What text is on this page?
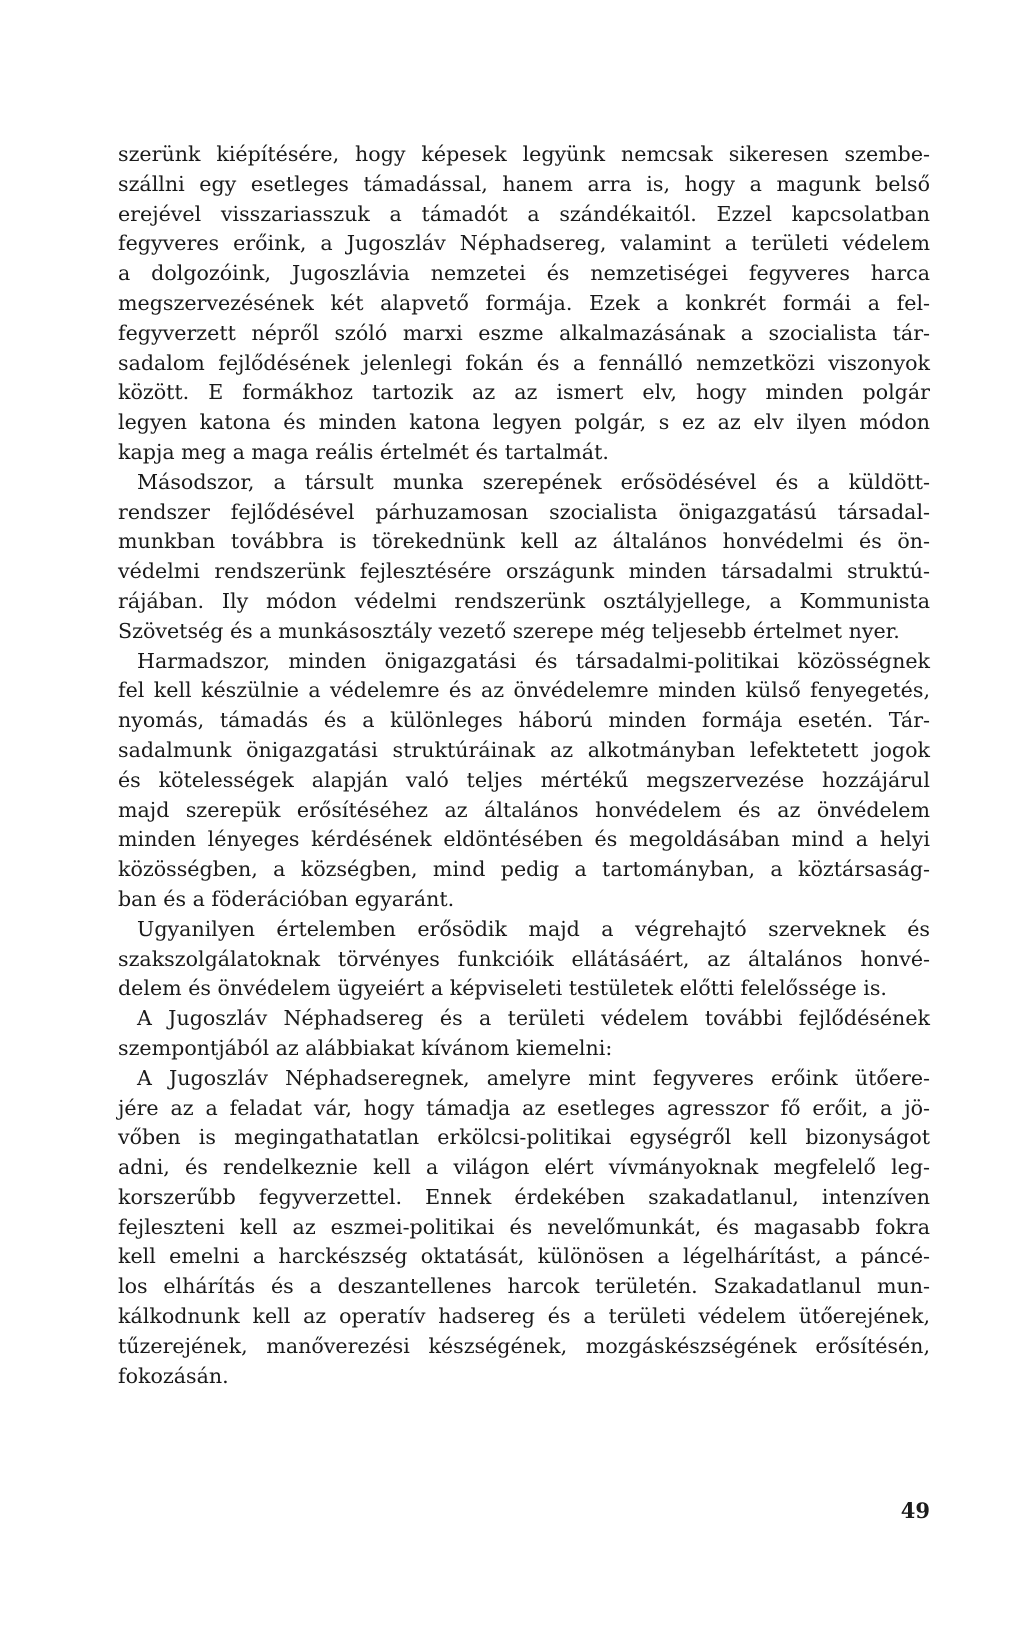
szerünk kiépítésére, hogy képesek legyünk nemcsak sikeresen szembe-
szállni egy esetleges támadással, hanem arra is, hogy a magunk belső
erejével visszariasszuk a támadót a szándékaitól. Ezzel kapcsolatban
fegyveres erőink, a Jugoszláv Néphadsereg, valamint a területi védelem
a dolgozóink, Jugoszlávia nemzetei és nemzetiségei fegyveres harca
megszervezésének két alapvető formája. Ezek a konkrét formái a fel-
fegyverzett népről szóló marxi eszme alkalmazásának a szocialista tár-
sadalom fejlődésének jelenlegi fokán és a fennálló nemzetközi viszonyok
között. E formákhoz tartozik az az ismert elv, hogy minden polgár
legyen katona és minden katona legyen polgár, s ez az elv ilyen módon
kapja meg a maga reális értelmét és tartalmát.
Másodszor, a társult munka szerepének erősödésével és a küldött-
rendszer fejlődésével párhuzamosan szocialista önigazgatású társadal-
munkban továbbra is törekednünk kell az általános honvédelmi és ön-
védelmi rendszerünk fejlesztésére országunk minden társadalmi struktú-
rájában. Ily módon védelmi rendszerünk osztályjellege, a Kommunista
Szövetség és a munkásosztály vezető szerepe még teljesebb értelmet nyer.
Harmadszor, minden önigazgatási és társadalmi-politikai közösségnek
fel kell készülnie a védelemre és az önvédelemre minden külső fenyegetés,
nyomás, támadás és a különleges háború minden formája esetén. Tár-
sadalmunk önigazgatási struktúráinak az alkotmányban lefektetett jogok
és kötelességek alapján való teljes mértékű megszervezése hozzájárul
majd szerepük erősítéséhez az általános honvédelem és az önvédelem
minden lényeges kérdésének eldöntésében és megoldásában mind a helyi
közösségben, a községben, mind pedig a tartományban, a köztársaság-
ban és a föderációban egyaránt.
Ugyanilyen értelemben erősödik majd a végrehajtó szerveknek és
szakszolgálatoknak törvényes funkcióik ellátásáért, az általános honvé-
delem és önvédelem ügyeiért a képviseleti testületek előtti felelőssége is.
A Jugoszláv Néphadsereg és a területi védelem további fejlődésének
szempontjából az alábbiakat kívánom kiemelni:
A Jugoszláv Néphadseregnek, amelyre mint fegyveres erőink ütőere-
jére az a feladat vár, hogy támadja az esetleges agresszor fő erőit, a jö-
vőben is megingathatatlan erkölcsi-politikai egységről kell bizonyságot
adni, és rendelkeznie kell a világon elért vívmányoknak megfelelő leg-
korszerűbb fegyverzettel. Ennek érdekében szakadatlanul, intenzíven
fejleszteni kell az eszmei-politikai és nevelőmunkát, és magasabb fokra
kell emelni a harckészség oktatását, különösen a légelhárítást, a páncé-
los elhárítás és a deszantellenes harcok területén. Szakadatlanul mun-
kálkodnunk kell az operatív hadsereg és a területi védelem ütőerejének,
tűzerejének, manőverezési készségének, mozgáskészségének erősítésén,
fokozásán.
49
